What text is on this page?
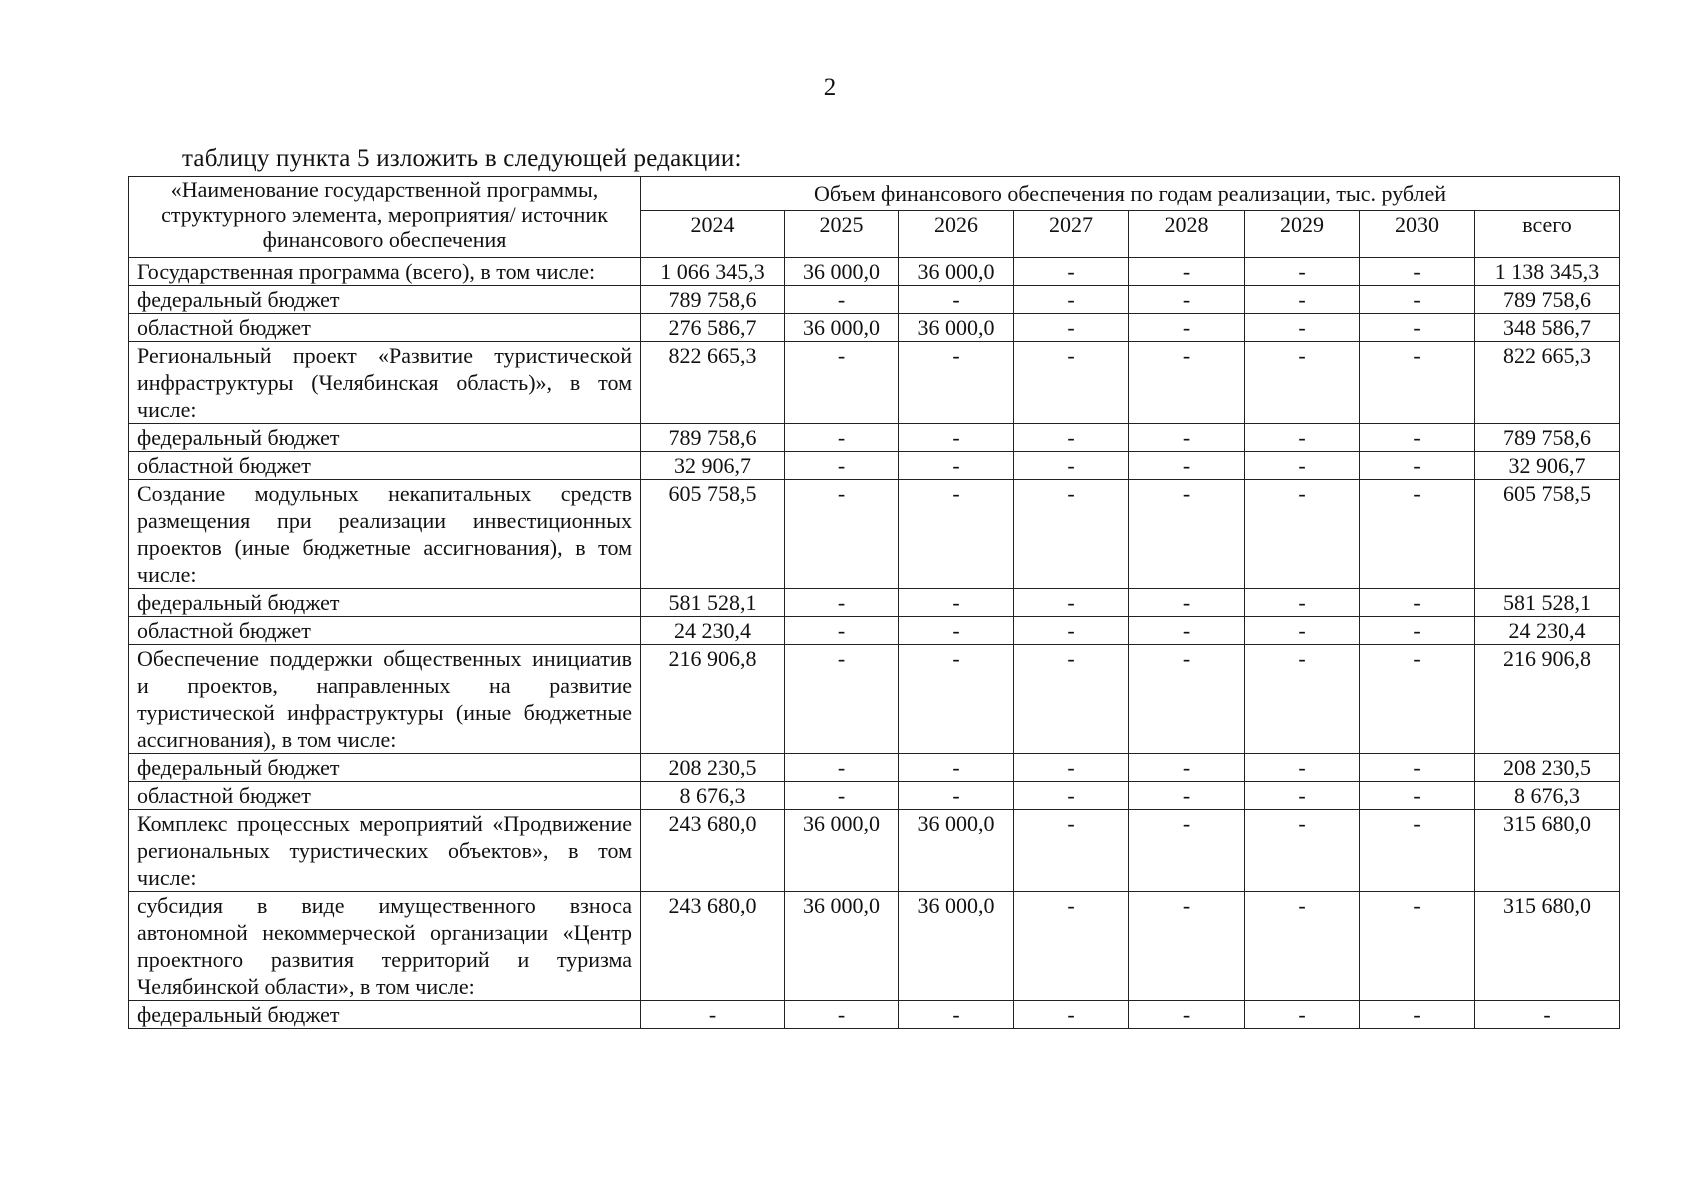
2
таблицу пункта 5 изложить в следующей редакции:
«Наименование государственной программы, структурного элемента, мероприятия/ источник финансового обеспечения	Объем финансового обеспечения по годам реализации, тыс. рублей							
	2024	2025	2026	2027	2028	2029	2030	всего
Государственная программа (всего), в том числе:	1 066 345,3	36 000,0	36 000,0	-	-	-	-	1 138 345,3
федеральный бюджет	789 758,6	-	-	-	-	-	-	789 758,6
областной бюджет	276 586,7	36 000,0	36 000,0	-	-	-	-	348 586,7
Региональный проект «Развитие туристической инфраструктуры (Челябинская область)», в том числе:	822 665,3	-	-	-	-	-	-	822 665,3
федеральный бюджет	789 758,6	-	-	-	-	-	-	789 758,6
областной бюджет	32 906,7	-	-	-	-	-	-	32 906,7
Создание модульных некапитальных средств размещения при реализации инвестиционных проектов (иные бюджетные ассигнования), в том числе:	605 758,5	-	-	-	-	-	-	605 758,5
федеральный бюджет	581 528,1	-	-	-	-	-	-	581 528,1
областной бюджет	24 230,4	-	-	-	-	-	-	24 230,4
Обеспечение поддержки общественных инициатив и проектов, направленных на развитие туристической инфраструктуры (иные бюджетные ассигнования), в том числе:	216 906,8	-	-	-	-	-	-	216 906,8
федеральный бюджет	208 230,5	-	-	-	-	-	-	208 230,5
областной бюджет	8 676,3	-	-	-	-	-	-	8 676,3
Комплекс процессных мероприятий «Продвижение региональных туристических объектов», в том числе:	243 680,0	36 000,0	36 000,0	-	-	-	-	315 680,0
субсидия в виде имущественного взноса автономной некоммерческой организации «Центр проектного развития территорий и туризма Челябинской области», в том числе:	243 680,0	36 000,0	36 000,0	-	-	-	-	315 680,0
федеральный бюджет	-	-	-	-	-	-	-	-
